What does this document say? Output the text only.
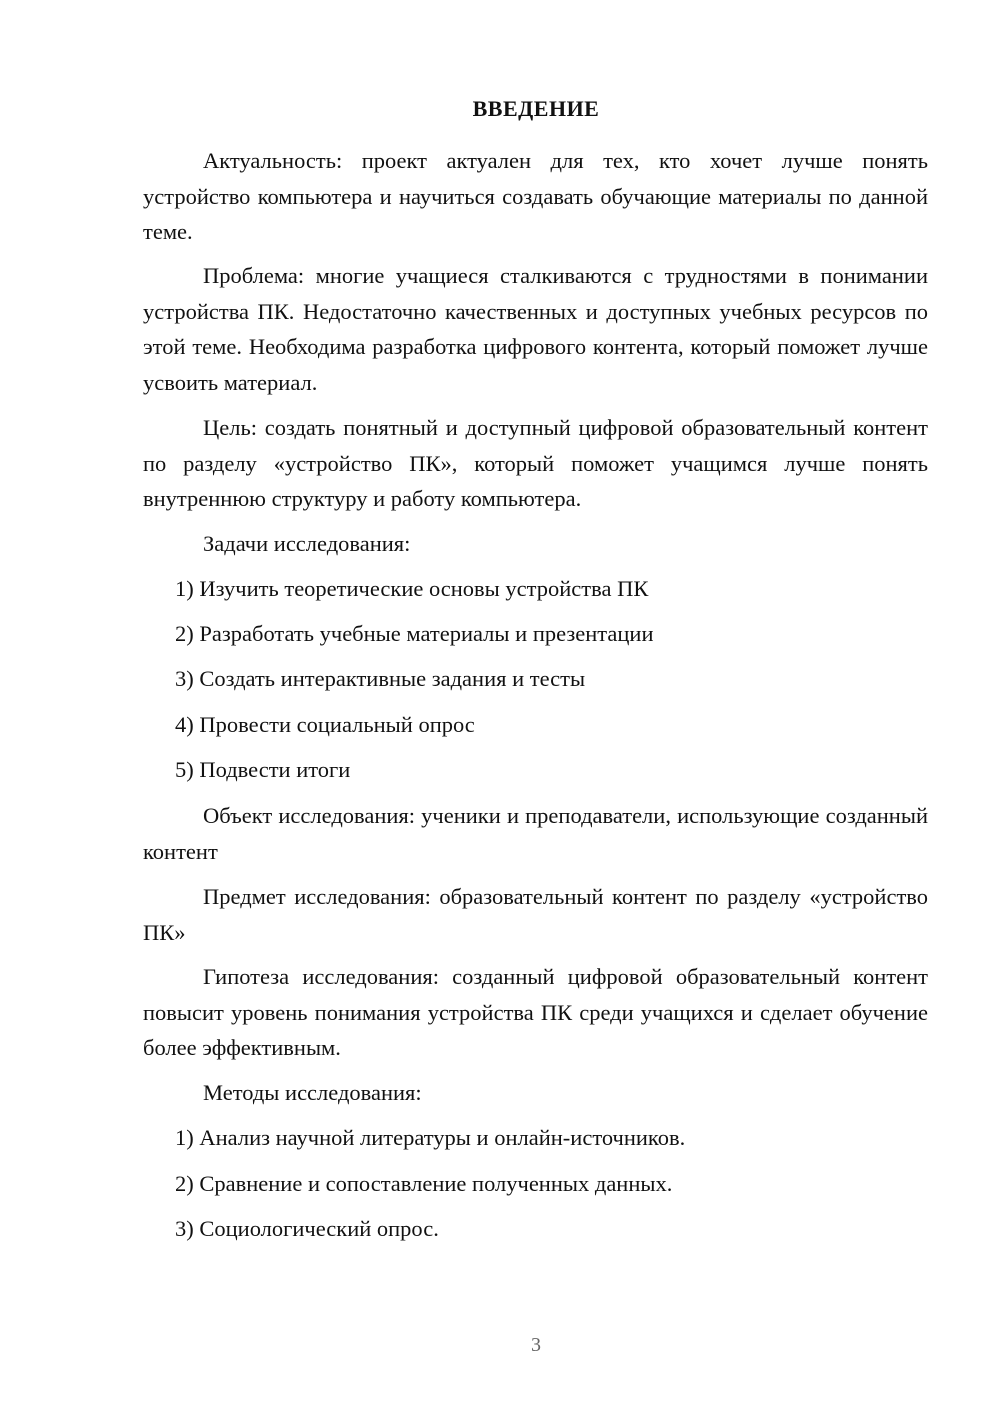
ВВЕДЕНИЕ

Актуальность: проект актуален для тех, кто хочет лучше понять устройство компьютера и научиться создавать обучающие материалы по данной теме.

Проблема: многие учащиеся сталкиваются с трудностями в понимании устройства ПК. Недостаточно качественных и доступных учебных ресурсов по этой теме. Необходима разработка цифрового контента, который поможет лучше усвоить материал.

Цель: создать понятный и доступный цифровой образовательный контент по разделу «устройство ПК», который поможет учащимся лучше понять внутреннюю структуру и работу компьютера.

Задачи исследования:

1) Изучить теоретические основы устройства ПК

2) Разработать учебные материалы и презентации

3) Создать интерактивные задания и тесты

4) Провести социальный опрос

5) Подвести итоги

Объект исследования: ученики и преподаватели, использующие созданный контент

Предмет исследования: образовательный контент по разделу «устройство ПК»

Гипотеза исследования: созданный цифровой образовательный контент повысит уровень понимания устройства ПК среди учащихся и сделает обучение более эффективным.

Методы исследования:

1) Анализ научной литературы и онлайн-источников.

2) Сравнение и сопоставление полученных данных.

3) Социологический опрос.

3
